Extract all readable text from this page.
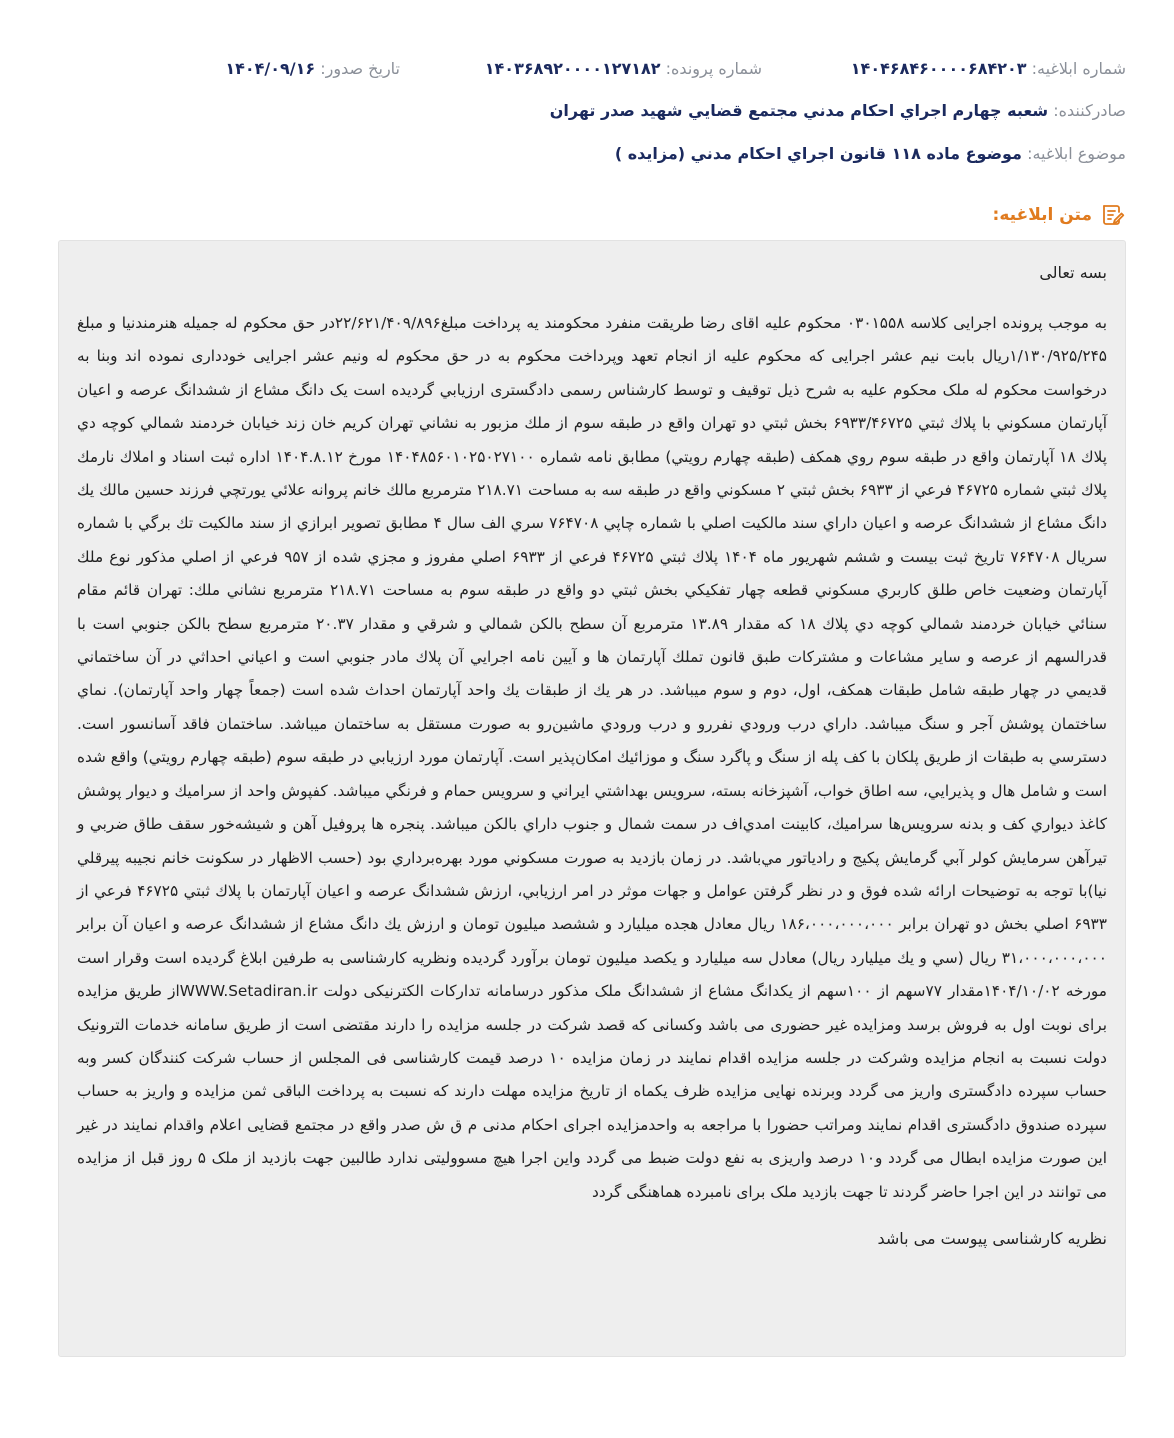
شماره ابلاغيه: ۱۴۰۴۶۸۴۶۰۰۰۰۶۸۴۲۰۳
شماره پرونده: ۱۴۰۳۶۸۹۲۰۰۰۰۱۲۷۱۸۲
تاريخ صدور: ۱۴۰۴/۰۹/۱۶
صادرکننده: شعبه چهارم اجراي احكام مدني مجتمع قضايي شهيد صدر تهران
موضوع ابلاغيه: موضوع ماده ۱۱۸ قانون اجراي احكام مدني (مزايده )
متن ابلاغيه:
بسه تعالی

به موجب پرونده اجرایی کلاسه ۰۳۰۱۵۵۸ محکوم علیه اقای رضا طریقت منفرد محکومند یه پرداخت مبلغ۲۲/۶۲۱/۴۰۹/۸۹۶در حق محکوم له جمیله هنرمندنیا و مبلغ ۱/۱۳۰/۹۲۵/۲۴۵ریال بابت نیم عشر اجرایی که محکوم علیه از انجام تعهد وپرداخت محکوم به در حق محکوم له ونیم عشر اجرایی خودداری نموده اند وبنا به درخواست محکوم له ملک محکوم علیه به شرح ذیل توقیف و توسط کارشناس رسمی دادگستری ارزیابي گرديده است یک دانگ مشاع از ششدانگ عرصه و اعيان آپارتمان مسكوني با پلاك ثبتي ۶۹۳۳/۴۶۷۲۵ بخش ثبتي دو تهران واقع در طبقه سوم از ملك مزبور به نشاني تهران كريم خان زند خيابان خردمند شمالي كوچه دي پلاك ۱۸ آپارتمان واقع در طبقه سوم روي همكف (طبقه چهارم رويتي) مطابق نامه شماره ۱۴۰۴۸۵۶۰۱۰۲۵۰۲۷۱۰۰ مورخ ۱۴۰۴.۸.۱۲ اداره ثبت اسناد و املاك نارمك پلاك ثبتي شماره ۴۶۷۲۵ فرعي از ۶۹۳۳ بخش ثبتي ۲ مسكوني واقع در طبقه سه به مساحت ۲۱۸.۷۱ مترمربع مالك خانم پروانه علائي يورتچي فرزند حسين مالك يك دانگ مشاع از ششدانگ عرصه و اعيان داراي سند مالكيت اصلي با شماره چاپي ۷۶۴۷۰۸ سري الف سال ۴ مطابق تصوير ابرازي از سند مالكيت تك برگي با شماره سريال ۷۶۴۷۰۸ تاريخ ثبت بيست و ششم شهريور ماه ۱۴۰۴ پلاك ثبتي ۴۶۷۲۵ فرعي از ۶۹۳۳ اصلي مفروز و مجزي شده از ۹۵۷ فرعي از اصلي مذكور نوع ملك آپارتمان وضعيت خاص طلق كاربري مسكوني قطعه چهار تفكيكي بخش ثبتي دو واقع در طبقه سوم به مساحت ۲۱۸.۷۱ مترمربع نشاني ملك: تهران قائم مقام سنائي خيابان خردمند شمالي كوچه دي پلاك ۱۸ كه مقدار ۱۳.۸۹ مترمربع آن سطح بالكن شمالي و شرقي و مقدار ۲۰.۳۷ مترمربع سطح بالكن جنوبي است با قدرالسهم از عرصه و ساير مشاعات و مشتركات طبق قانون تملك آپارتمان ها و آيين نامه اجرايي آن پلاك مادر جنوبي است و اعياني احداثي در آن ساختماني قديمي در چهار طبقه شامل طبقات همكف، اول، دوم و سوم ميباشد. در هر يك از طبقات يك واحد آپارتمان احداث شده است (جمعاً چهار واحد آپارتمان). نماي ساختمان پوشش آجر و سنگ ميباشد. داراي درب ورودي نفررو و درب ورودي ماشين‌رو به صورت مستقل به ساختمان ميباشد. ساختمان فاقد آسانسور است. دسترسي به طبقات از طريق پلكان با كف پله از سنگ و پاگرد سنگ و موزائيك امكان‌پذير است. آپارتمان مورد ارزيابي در طبقه سوم (طبقه چهارم رويتي) واقع شده است و شامل هال و پذيرايي، سه اطاق خواب، آشپزخانه بسته، سرويس بهداشتي ايراني و سرويس حمام و فرنگي ميباشد. كفپوش واحد از سراميك و ديوار پوشش كاغذ ديواري كف و بدنه سرويس‌ها سراميك، كابينت امدي‌اف در سمت شمال و جنوب داراي بالكن ميباشد. پنجره ها پروفيل آهن و شيشه‌خور سقف طاق ضربي و تيرآهن سرمايش كولر آبي گرمايش پكيج و رادياتور مي‌باشد. در زمان بازديد به صورت مسكوني مورد بهره‌برداري بود (حسب الاظهار در سكونت خانم نجيبه پيرقلي نيا)با توجه به توضيحات ارائه شده فوق و در نظر گرفتن عوامل و جهات موثر در امر ارزيابي، ارزش ششدانگ عرصه و اعيان آپارتمان با پلاك ثبتي ۴۶۷۲۵ فرعي از ۶۹۳۳ اصلي بخش دو تهران برابر ۱۸۶،۰۰۰،۰۰۰،۰۰۰ ريال معادل هجده ميليارد و ششصد ميليون تومان و ارزش يك دانگ مشاع از ششدانگ عرصه و اعيان آن برابر ۳۱،۰۰۰،۰۰۰،۰۰۰ ريال (سي و يك ميليارد ريال) معادل سه ميليارد و يكصد ميليون تومان برآورد گرديده ونظريه کارشناسی به طرفین ابلاغ گردیده است وقرار است مورخه ۱۴۰۴/۱۰/۰۲مقدار ۷۷سهم از ۱۰۰سهم از یکدانگ مشاع از ششدانگ ملک مذکور درسامانه تدارکات الکترنیکی دولت WWW.Setadiran.irاز طریق مزایده برای نوبت اول به فروش برسد ومزایده غیر حضوری می باشد وکسانی که قصد شرکت در جلسه مزایده را دارند مقتضی است از طریق سامانه خدمات الترونیک دولت نسبت به انجام مزایده وشرکت در جلسه مزایده اقدام نمایند در زمان مزایده ۱۰ درصد قیمت کارشناسی فی المجلس از حساب شرکت کنندگان کسر وبه حساب سپرده دادگستری واریز می گردد وبرنده نهایی مزایده ظرف یکماه از تاریخ مزایده مهلت دارند که نسبت به پرداخت الباقی ثمن مزایده و واریز به حساب سپرده صندوق دادگستری اقدام نمایند ومراتب حضورا با مراجعه به واحدمزایده اجرای احکام مدنی م ق ش صدر واقع در مجتمع قضایی اعلام واقدام نمایند در غیر این صورت مزایده ابطال می گردد و۱۰ درصد واریزی به نفع دولت ضبط می گردد واین اجرا هیچ مسوولیتی ندارد طالبین جهت بازدید از ملک ۵ روز قبل از مزایده می توانند در این اجرا حاضر گردند تا جهت بازدید ملک برای نامبرده هماهنگی گردد

نظریه کارشناسی پیوست می باشد
